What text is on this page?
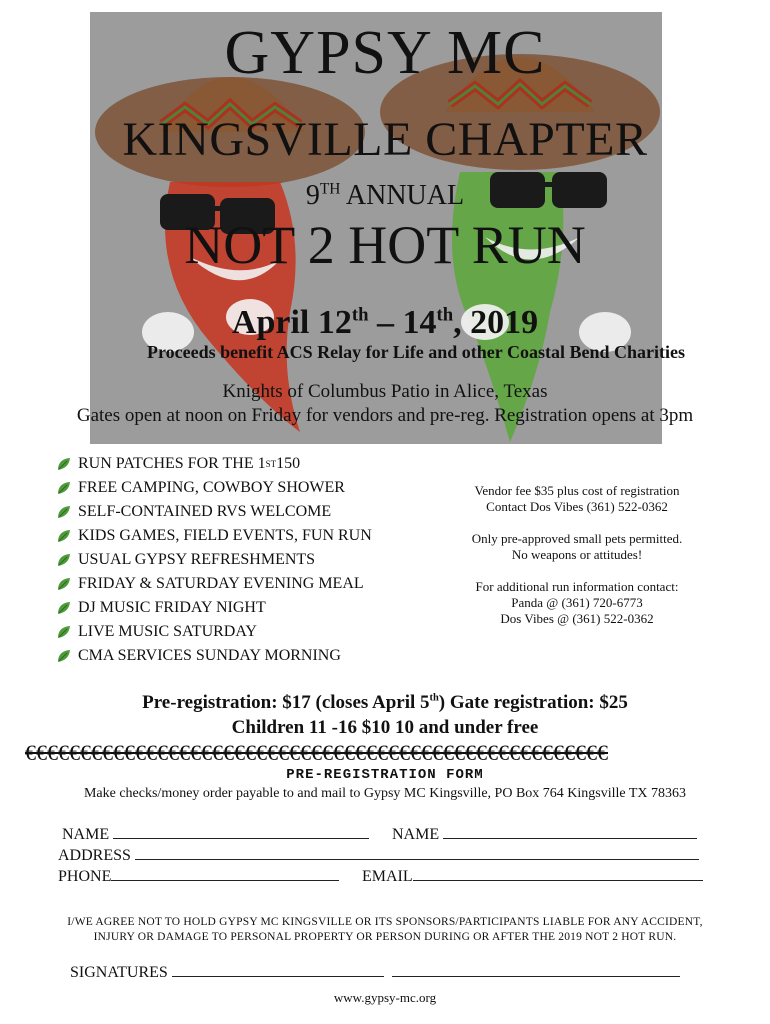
GYPSY MC
KINGSVILLE CHAPTER
9TH ANNUAL
NOT 2 HOT RUN
April 12th – 14th, 2019
Proceeds benefit ACS Relay for Life and other Coastal Bend Charities
Knights of Columbus Patio in Alice, Texas
Gates open at noon on Friday for vendors and pre-reg. Registration opens at 3pm
RUN PATCHES FOR THE 1 ST 150
FREE CAMPING, COWBOY SHOWER
SELF-CONTAINED RVS WELCOME
KIDS GAMES, FIELD EVENTS, FUN RUN
USUAL GYPSY REFRESHMENTS
FRIDAY & SATURDAY EVENING MEAL
DJ MUSIC FRIDAY NIGHT
LIVE MUSIC SATURDAY
CMA SERVICES SUNDAY MORNING

Vendor fee $35 plus cost of registration
Contact Dos Vibes (361) 522-0362

Only pre-approved small pets permitted.
No weapons or attitudes!

For additional run information contact:
Panda @ (361) 720-6773
Dos Vibes @ (361) 522-0362

Pre-registration: $17 (closes April 5th) Gate registration: $25
Children 11 -16 $10 10 and under free
€€€€€€€€€€€€€€€€€€€€€€€€€€€€€€€€€€€€€€€€€€€€€€€€€€€€€
PRE-REGISTRATION FORM
Make checks/money order payable to and mail to Gypsy MC Kingsville, PO Box 764 Kingsville TX 78363
NAME	NAME
ADDRESS
PHONE	EMAIL
I/WE AGREE NOT TO HOLD GYPSY MC KINGSVILLE OR ITS SPONSORS/PARTICIPANTS LIABLE FOR ANY ACCIDENT,
INJURY OR DAMAGE TO PERSONAL PROPERTY OR PERSON DURING OR AFTER THE 2019 NOT 2 HOT RUN.
SIGNATURES
www.gypsy-mc.org
